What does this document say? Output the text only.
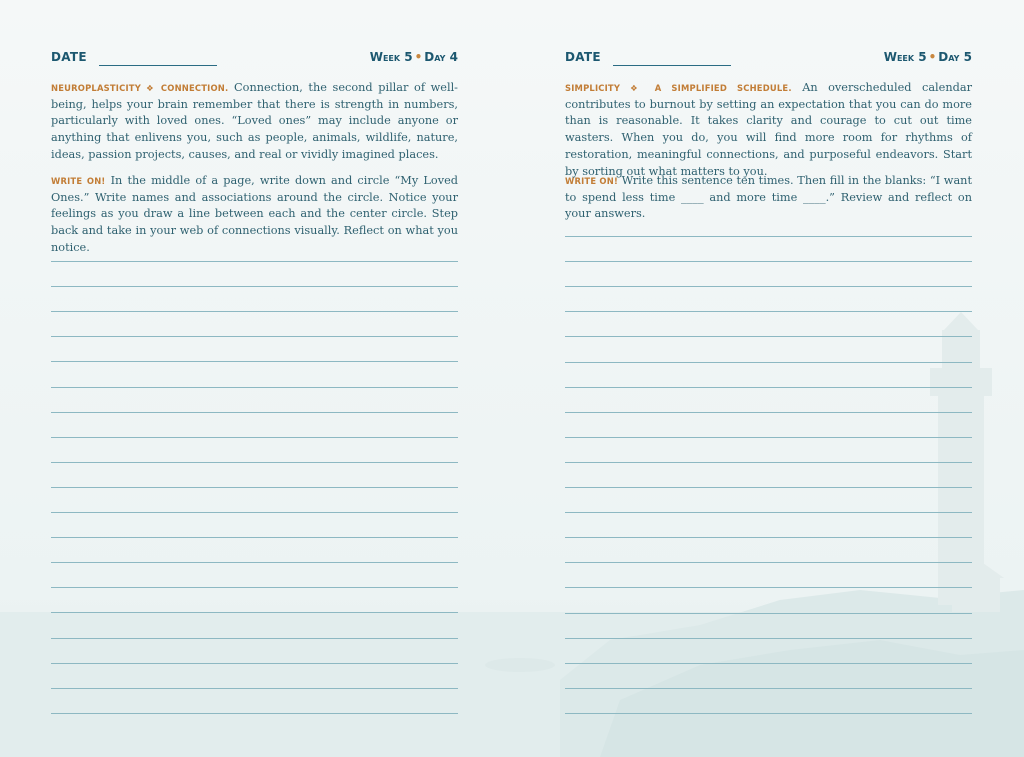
DATE	Week 5 • Day 4

NEUROPLASTICITY ❖ CONNECTION. Connection, the second pillar of well-being, helps your brain remember that there is strength in numbers, particularly with loved ones. “Loved ones” may include anyone or anything that enlivens you, such as people, animals, wildlife, nature, ideas, passion projects, causes, and real or vividly imagined places.

WRITE ON! In the middle of a page, write down and circle “My Loved Ones.” Write names and associations around the circle. Notice your feelings as you draw a line between each and the center circle. Step back and take in your web of connections visually. Reflect on what you notice.

DATE	Week 5 • Day 5

SIMPLICITY ❖ A SIMPLIFIED SCHEDULE. An overscheduled calendar contributes to burnout by setting an expectation that you can do more than is reasonable. It takes clarity and courage to cut out time wasters. When you do, you will find more room for rhythms of restoration, meaningful connections, and purposeful endeavors. Start by sorting out what matters to you.

WRITE ON! Write this sentence ten times. Then fill in the blanks: “I want to spend less time ____ and more time ____.” Review and reflect on your answers.
